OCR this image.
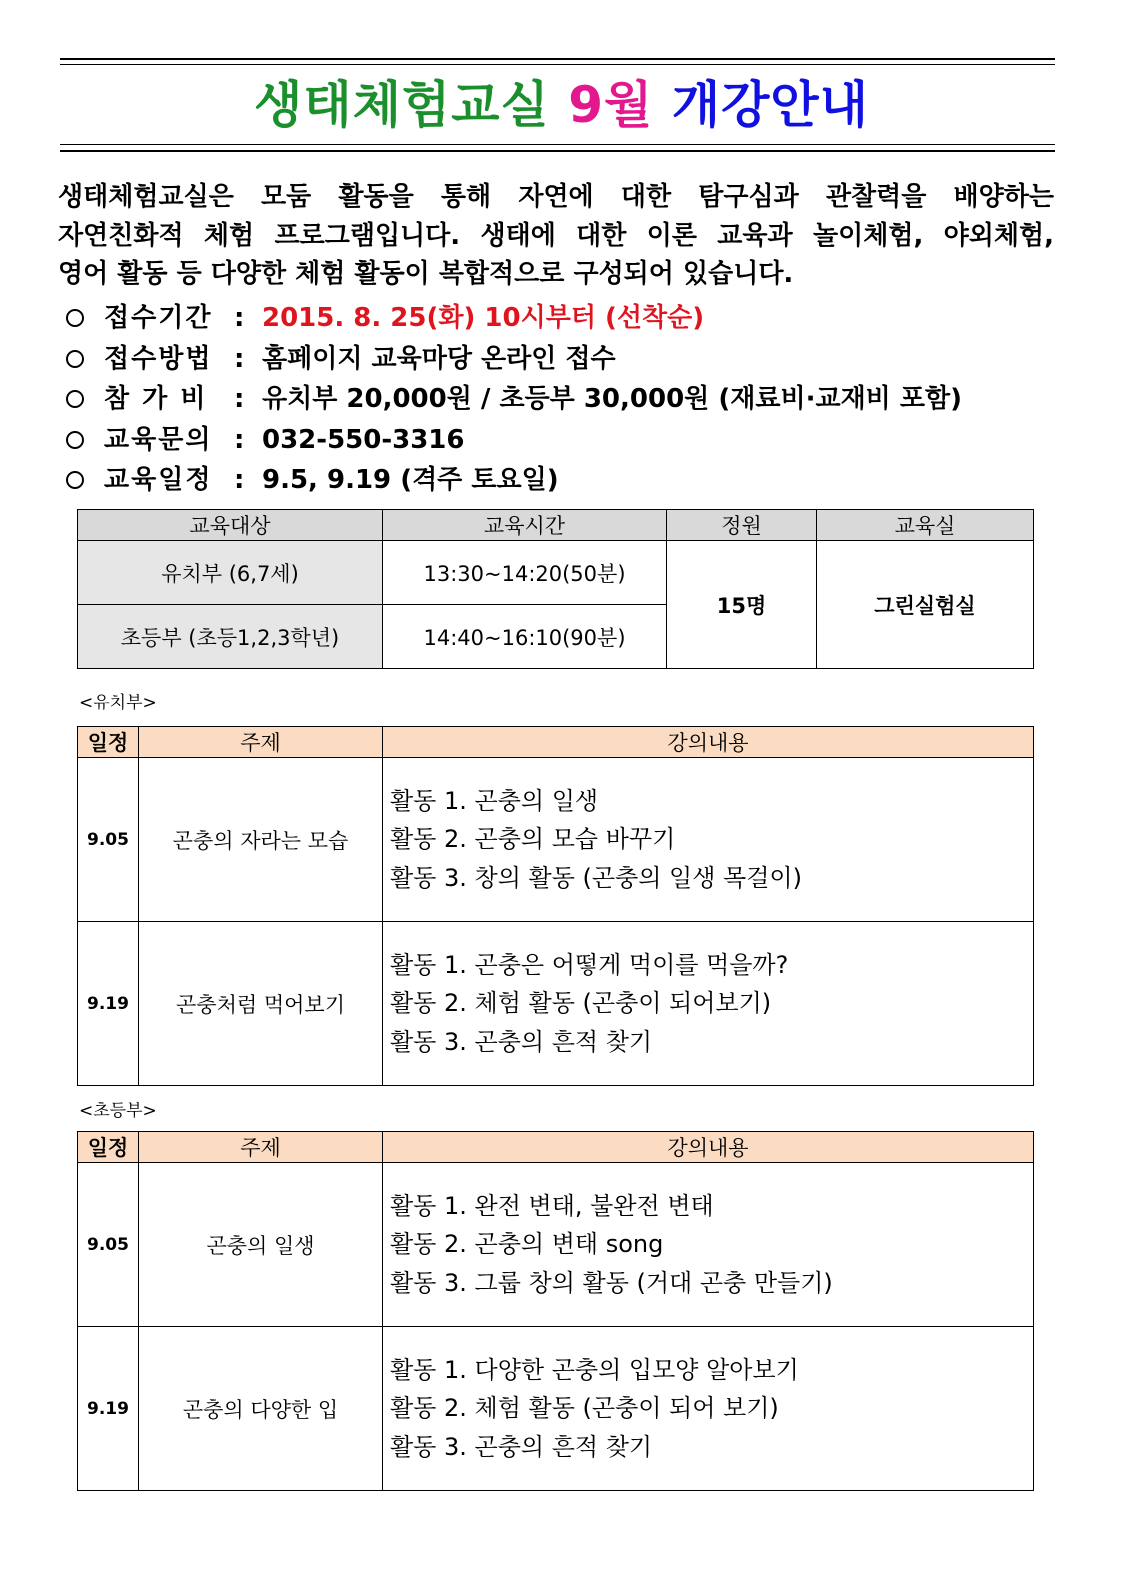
생태체험교실 9월 개강안내
생태체험교실은 모둠 활동을 통해 자연에 대한 탐구심과 관찰력을 배양하는
자연친화적 체험 프로그램입니다. 생태에 대한 이론 교육과 놀이체험, 야외체험,
영어 활동 등 다양한 체험 활동이 복합적으로 구성되어 있습니다.
접수기간 : 2015. 8. 25(화) 10시부터 (선착순)
접수방법 : 홈페이지 교육마당 온라인 접수
참 가 비	: 유치부 20,000원 / 초등부 30,000원 (재료비·교재비 포함)
교육문의 : 032-550-3316
교육일정 : 9.5, 9.19 (격주 토요일)
교육대상	교육시간	정원	교육실
유치부 (6,7세)	13:30~14:20(50분)	15명	그린실험실
초등부 (초등1,2,3학년)	14:40~16:10(90분)		
<유치부>
일정	주제	강의내용
9.05	곤충의 자라는 모습	활동 1. 곤충의 일생
활동 2. 곤충의 모습 바꾸기
활동 3. 창의 활동 (곤충의 일생 목걸이)

9.19	곤충처럼 먹어보기	활동 1. 곤충은 어떻게 먹이를 먹을까?
활동 2. 체험 활동 (곤충이 되어보기)
활동 3. 곤충의 흔적 찾기
<초등부>
일정	주제	강의내용
9.05	곤충의 일생	활동 1. 완전 변태, 불완전 변태
활동 2. 곤충의 변태 song
활동 3. 그룹 창의 활동 (거대 곤충 만들기)

9.19	곤충의 다양한 입	활동 1. 다양한 곤충의 입모양 알아보기
활동 2. 체험 활동 (곤충이 되어 보기)
활동 3. 곤충의 흔적 찾기
